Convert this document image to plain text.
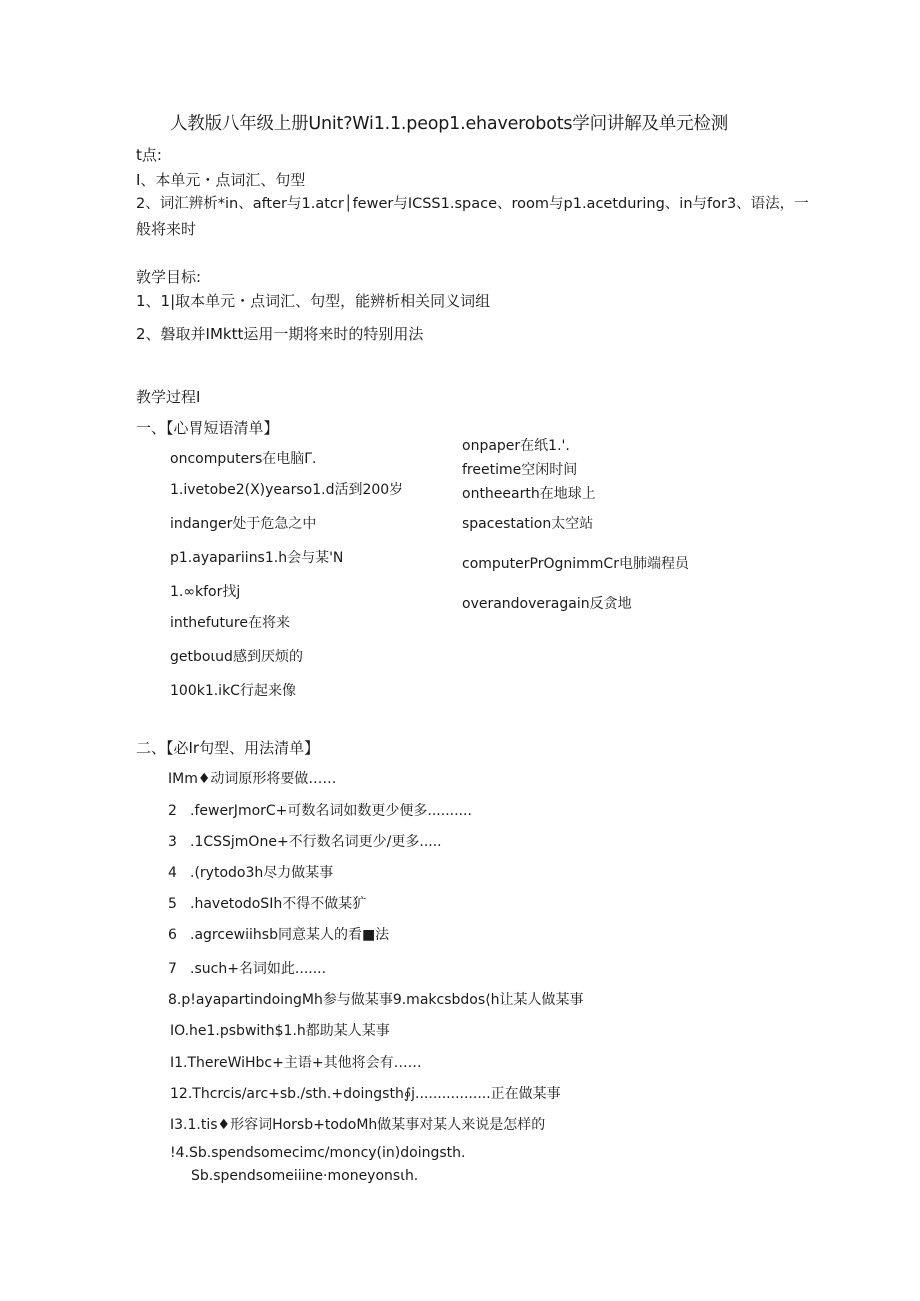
人教版八年级上册Unit?Wi1.1.peop1.ehaverobots学问讲解及单元检测
t点:
I、本单元・点词汇、句型
2、词汇辨析*in、after与1.atcr│fewer与ICSS1.space、room与p1.acetduring、in与for3、语法，一
般将来时
敦学目标:
1、1|取本单元・点词汇、句型，能辨析相关同义词组
2、磐取并IMktt运用一期将来时的特别用法
教学过程I
一、【心胃短语清单】
oncomputers在电脑Γ.
1.ivetobe2(X)yearso1.d活到200岁
indanger处于危急之中
p1.ayapariins1.h会与某'N
1.∞kfor找j
inthefuture在将来
getboιud感到厌烦的
100k1.ikC行起来像
onpaper在纸1.'.
freetime空闲时间
ontheearth在地球上
spacestation太空站
computerPrOgnimmCr电肺端程员
overandoveragain反贪地
二、【必Ir句型、用法清单】
IMm♦动词原形将要做……
2 .fewerJmorC+可数名词如数更少便多..........
3 .1CSSjmOne+不行数名词更少/更多.....
4 .(rytodo3h尽力做某事
5 .havetodoSIh不得不做某犷
6 .agrcewiihsb同意某人的看■法
7 .such+名词如此.......
8.p!ayapartindoingMh参与做某事9.makcsbdos⟨h让某人做某事
IO.he1.psbwith$1.h都助某人某事
I1.ThereWiHbc+主语+其他将会有……
12.Thcrcis/arc+sb./sth.+doingsth∮j.................正在做某事
I3.1.tis♦形容词Horsb+todoMh做某事对某人来说是怎样的
!4.Sb.spendsomecimc/moncy(in)doingsth.
Sb.spendsomeiiine·moneyonsιh.
